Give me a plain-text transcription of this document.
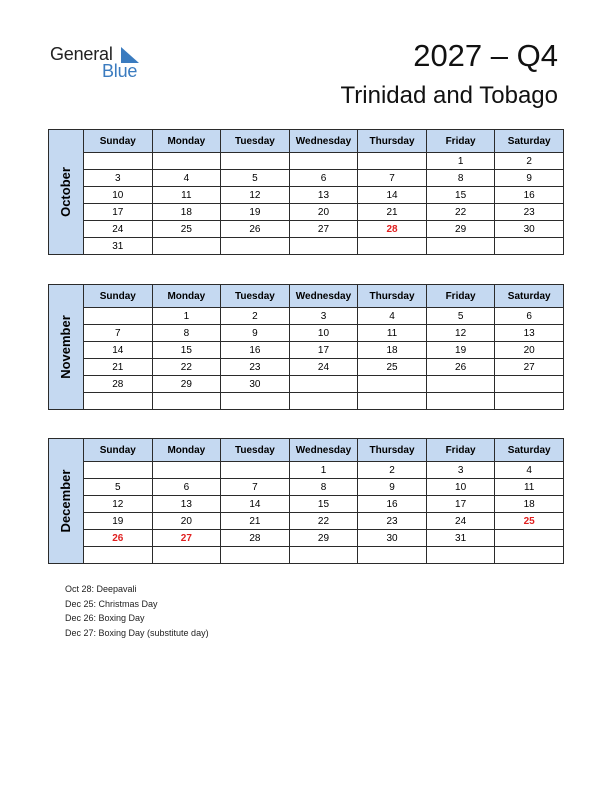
General
Blue	2027 – Q4
Trinidad and Tobago
October	Sunday	Monday	Tuesday	Wednesday	Thursday	Friday	Saturday
						1	2
	3	4	5	6	7	8	9
	10	11	12	13	14	15	16
	17	18	19	20	21	22	23
	24	25	26	27	28	29	30
	31						
November	Sunday	Monday	Tuesday	Wednesday	Thursday	Friday	Saturday
		1	2	3	4	5	6
	7	8	9	10	11	12	13
	14	15	16	17	18	19	20
	21	22	23	24	25	26	27
	28	29	30				

December	Sunday	Monday	Tuesday	Wednesday	Thursday	Friday	Saturday
				1	2	3	4
	5	6	7	8	9	10	11
	12	13	14	15	16	17	18
	19	20	21	22	23	24	25
	26	27	28	29	30	31	

Oct 28: Deepavali
Dec 25: Christmas Day
Dec 26: Boxing Day
Dec 27: Boxing Day (substitute day)
